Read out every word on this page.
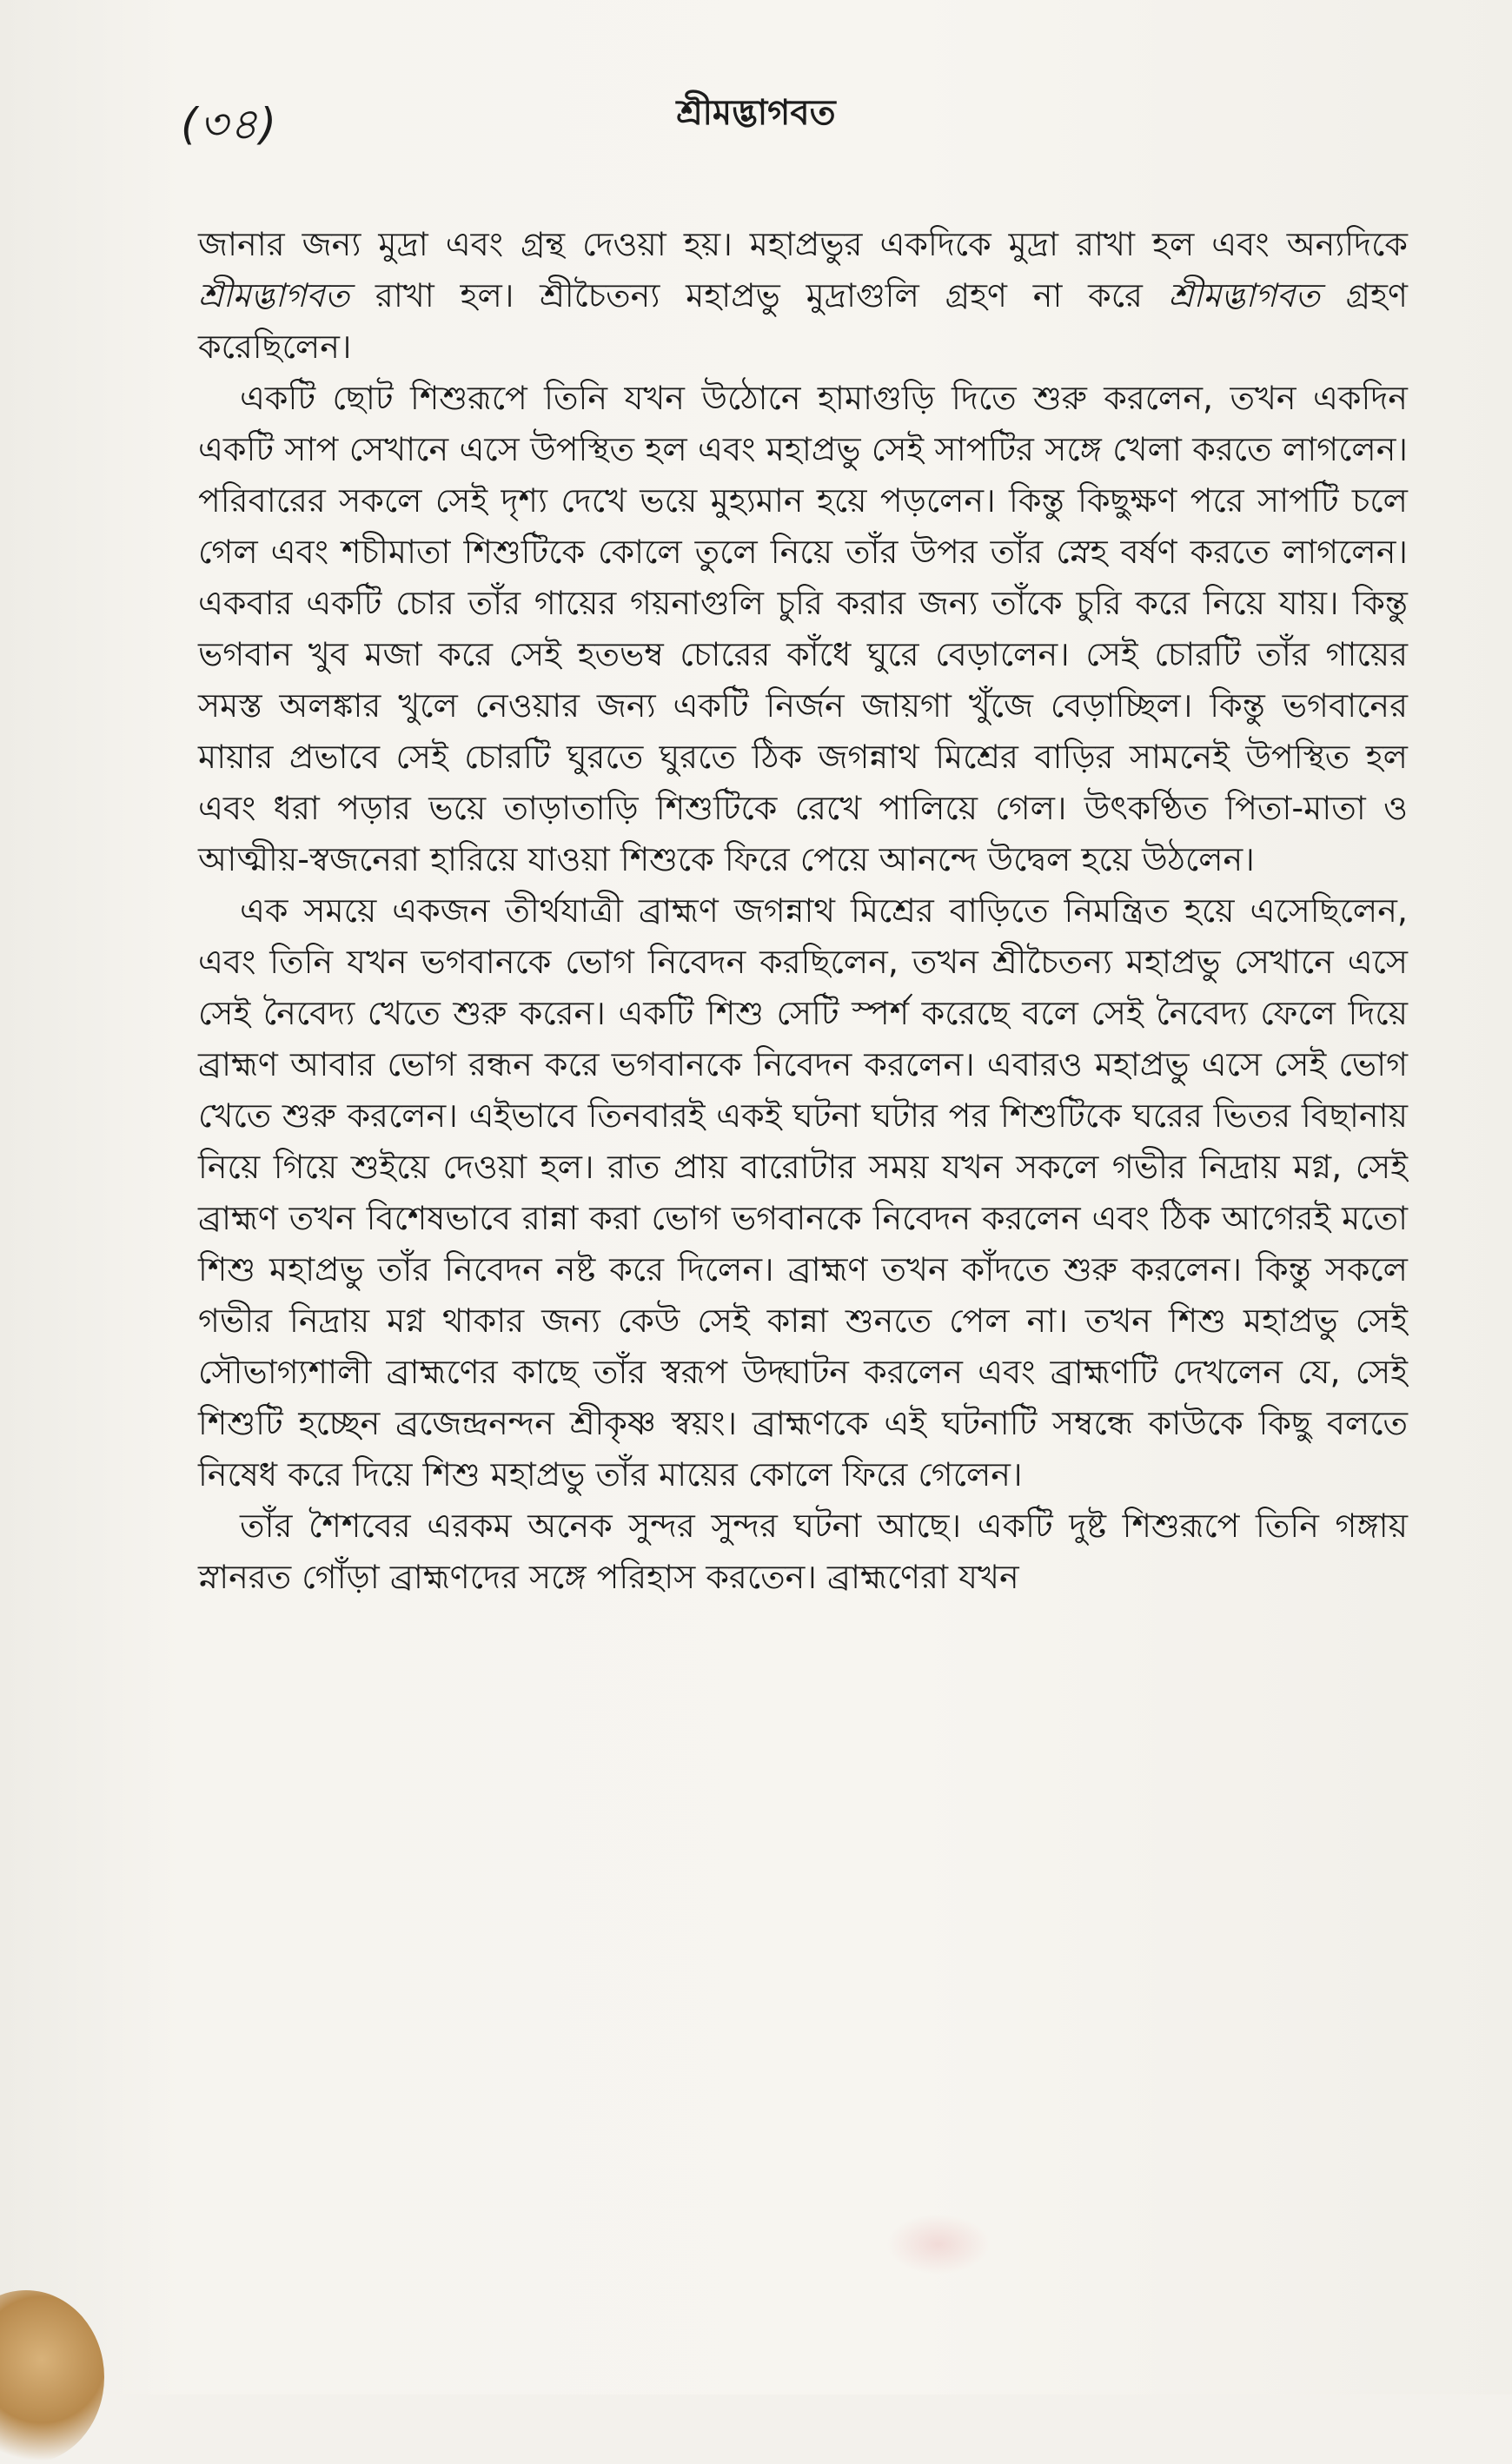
(৩৪)	শ্রীমদ্ভাগবত

জানার জন্য মুদ্রা এবং গ্রন্থ দেওয়া হয়। মহাপ্রভুর একদিকে মুদ্রা রাখা হল এবং অন্যদিকে শ্রীমদ্ভাগবত রাখা হল। শ্রীচৈতন্য মহাপ্রভু মুদ্রাগুলি গ্রহণ না করে শ্রীমদ্ভাগবত গ্রহণ করেছিলেন।

একটি ছোট শিশুরূপে তিনি যখন উঠোনে হামাগুড়ি দিতে শুরু করলেন, তখন একদিন একটি সাপ সেখানে এসে উপস্থিত হল এবং মহাপ্রভু সেই সাপটির সঙ্গে খেলা করতে লাগলেন। পরিবারের সকলে সেই দৃশ্য দেখে ভয়ে মুহ্যমান হয়ে পড়লেন। কিন্তু কিছুক্ষণ পরে সাপটি চলে গেল এবং শচীমাতা শিশুটিকে কোলে তুলে নিয়ে তাঁর উপর তাঁর স্নেহ বর্ষণ করতে লাগলেন। একবার একটি চোর তাঁর গায়ের গয়নাগুলি চুরি করার জন্য তাঁকে চুরি করে নিয়ে যায়। কিন্তু ভগবান খুব মজা করে সেই হতভম্ব চোরের কাঁধে ঘুরে বেড়ালেন। সেই চোরটি তাঁর গায়ের সমস্ত অলঙ্কার খুলে নেওয়ার জন্য একটি নির্জন জায়গা খুঁজে বেড়াচ্ছিল। কিন্তু ভগবানের মায়ার প্রভাবে সেই চোরটি ঘুরতে ঘুরতে ঠিক জগন্নাথ মিশ্রের বাড়ির সামনেই উপস্থিত হল এবং ধরা পড়ার ভয়ে তাড়াতাড়ি শিশুটিকে রেখে পালিয়ে গেল। উৎকণ্ঠিত পিতা-মাতা ও আত্মীয়-স্বজনেরা হারিয়ে যাওয়া শিশুকে ফিরে পেয়ে আনন্দে উদ্বেল হয়ে উঠলেন।

এক সময়ে একজন তীর্থযাত্রী ব্রাহ্মণ জগন্নাথ মিশ্রের বাড়িতে নিমন্ত্রিত হয়ে এসেছিলেন, এবং তিনি যখন ভগবানকে ভোগ নিবেদন করছিলেন, তখন শ্রীচৈতন্য মহাপ্রভু সেখানে এসে সেই নৈবেদ্য খেতে শুরু করেন। একটি শিশু সেটি স্পর্শ করেছে বলে সেই নৈবেদ্য ফেলে দিয়ে ব্রাহ্মণ আবার ভোগ রন্ধন করে ভগবানকে নিবেদন করলেন। এবারও মহাপ্রভু এসে সেই ভোগ খেতে শুরু করলেন। এইভাবে তিনবারই একই ঘটনা ঘটার পর শিশুটিকে ঘরের ভিতর বিছানায় নিয়ে গিয়ে শুইয়ে দেওয়া হল। রাত প্রায় বারোটার সময় যখন সকলে গভীর নিদ্রায় মগ্ন, সেই ব্রাহ্মণ তখন বিশেষভাবে রান্না করা ভোগ ভগবানকে নিবেদন করলেন এবং ঠিক আগেরই মতো শিশু মহাপ্রভু তাঁর নিবেদন নষ্ট করে দিলেন। ব্রাহ্মণ তখন কাঁদতে শুরু করলেন। কিন্তু সকলে গভীর নিদ্রায় মগ্ন থাকার জন্য কেউ সেই কান্না শুনতে পেল না। তখন শিশু মহাপ্রভু সেই সৌভাগ্যশালী ব্রাহ্মণের কাছে তাঁর স্বরূপ উদ্ঘাটন করলেন এবং ব্রাহ্মণটি দেখলেন যে, সেই শিশুটি হচ্ছেন ব্রজেন্দ্রনন্দন শ্রীকৃষ্ণ স্বয়ং। ব্রাহ্মণকে এই ঘটনাটি সম্বন্ধে কাউকে কিছু বলতে নিষেধ করে দিয়ে শিশু মহাপ্রভু তাঁর মায়ের কোলে ফিরে গেলেন।

তাঁর শৈশবের এরকম অনেক সুন্দর সুন্দর ঘটনা আছে। একটি দুষ্ট শিশুরূপে তিনি গঙ্গায় স্নানরত গোঁড়া ব্রাহ্মণদের সঙ্গে পরিহাস করতেন। ব্রাহ্মণেরা যখন
